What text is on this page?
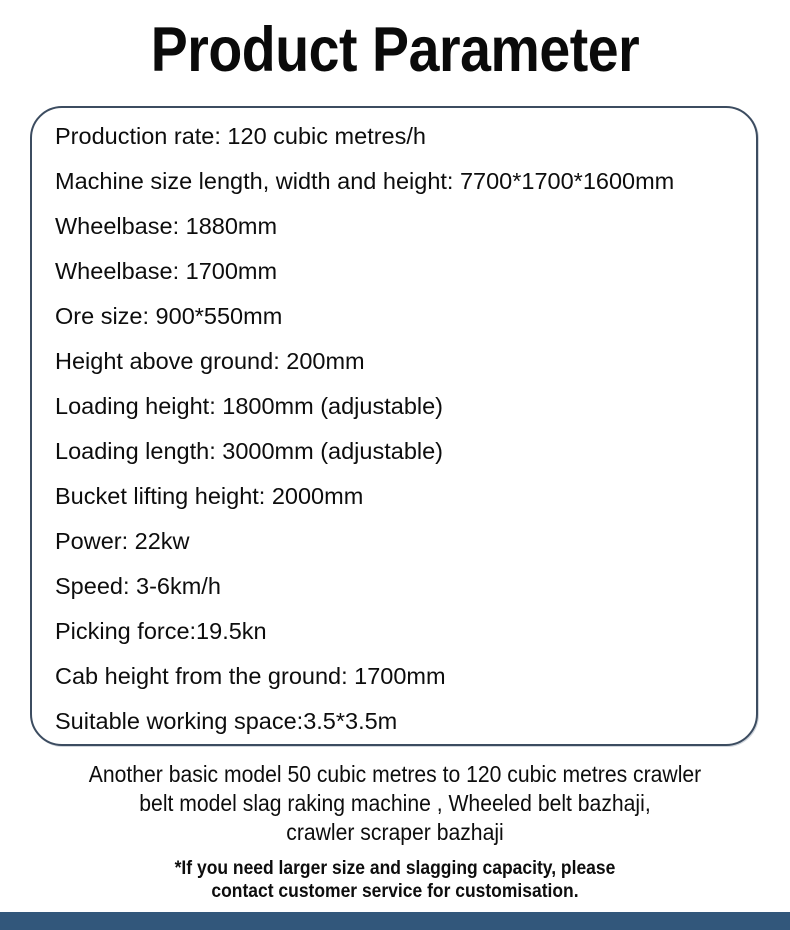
Product Parameter
Production rate: 120 cubic metres/h
Machine size length, width and height: 7700*1700*1600mm
Wheelbase: 1880mm
Wheelbase: 1700mm
Ore size: 900*550mm
Height above ground: 200mm
Loading height: 1800mm (adjustable)
Loading length: 3000mm (adjustable)
Bucket lifting height: 2000mm
Power: 22kw
Speed: 3-6km/h
Picking force:19.5kn
Cab height from the ground: 1700mm
Suitable working space:3.5*3.5m
Another basic model 50 cubic metres to 120 cubic metres crawler
belt model slag raking machine , Wheeled belt bazhaji,
crawler scraper bazhaji
*If you need larger size and slagging capacity, please
contact customer service for customisation.
